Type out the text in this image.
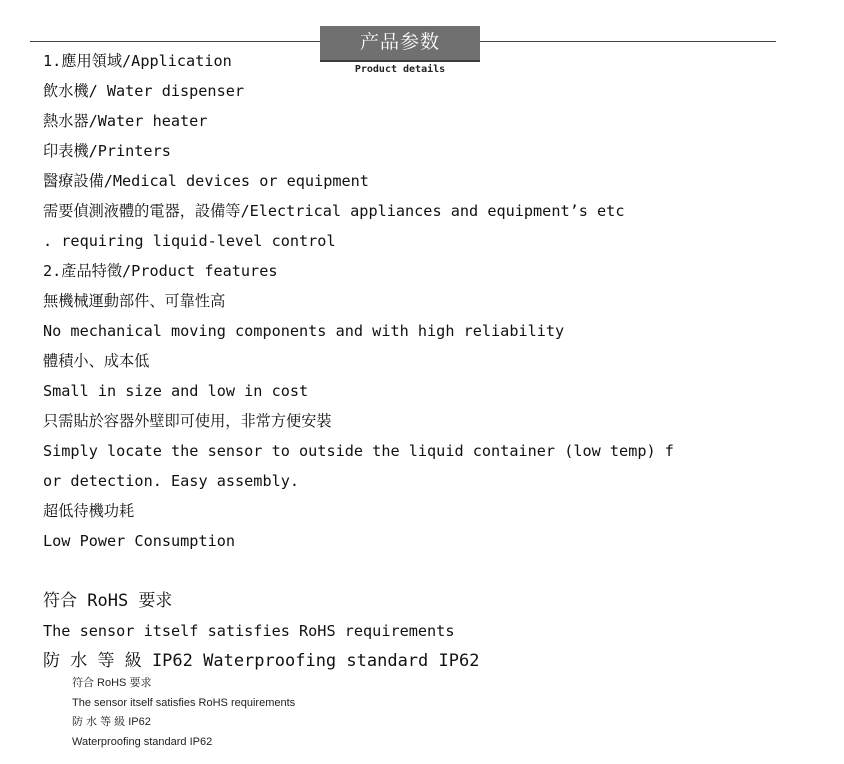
产品参数
Product details
1.應用領域/Application
飲水機/ Water dispenser
熱水器/Water heater
印表機/Printers
醫療設備/Medical devices or equipment
需要偵測液體的電器，設備等/Electrical appliances and equipment’s etc
. requiring liquid-level control
2.產品特徵/Product features
無機械運動部件、可靠性高
No mechanical moving components and with high reliability
體積小、成本低
Small in size and low in cost
只需貼於容器外壁即可使用，非常方便安裝
Simply locate the sensor to outside the liquid container (low temp) f
or detection. Easy assembly.
超低待機功耗
Low Power Consumption
符合 RoHS 要求
The sensor itself satisfies RoHS requirements
防 水 等 級 IP62 Waterproofing standard IP62
符合 RoHS 要求
The sensor itself satisfies RoHS requirements
防 水 等 級 IP62
Waterproofing standard IP62
